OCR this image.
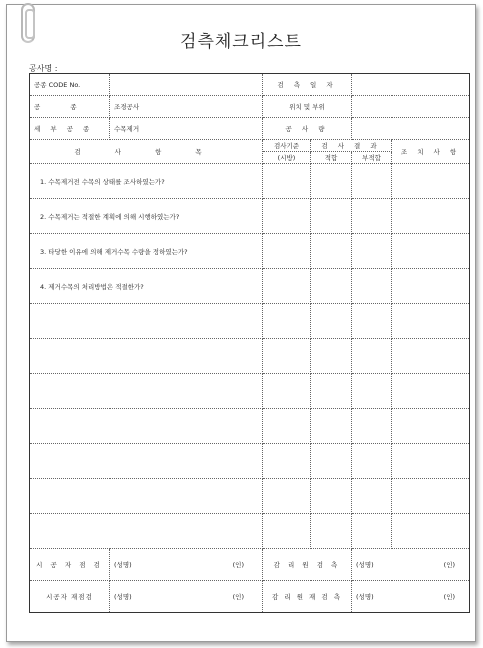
검측체크리스트
공사명 :
공종 CODE No.		검 측 일 자			
공 종	조경공사	위치 및 부위			
세 부 공 종	수목제거	공 사 량			
검 사 항 목		검사기준	검 사 결 과		조 치 사 항
		(시방)	적합	부적합	
1. 수목제거전 수목의 상태를 조사하였는가?					
2. 수목제거는 적절한 계획에 의해 시행하였는가?					
3. 타당한 이유에 의해 제거수목 수량을 정하였는가?					
4. 제거수목의 처리방법은 적절한가?					

시 공 자 점 검	(성명) (인)	감 리 원 검 측		(성명) (인)	

시공자 재점검	(성명) (인)	감 리 원 재 검 측		(성명) (인)	
